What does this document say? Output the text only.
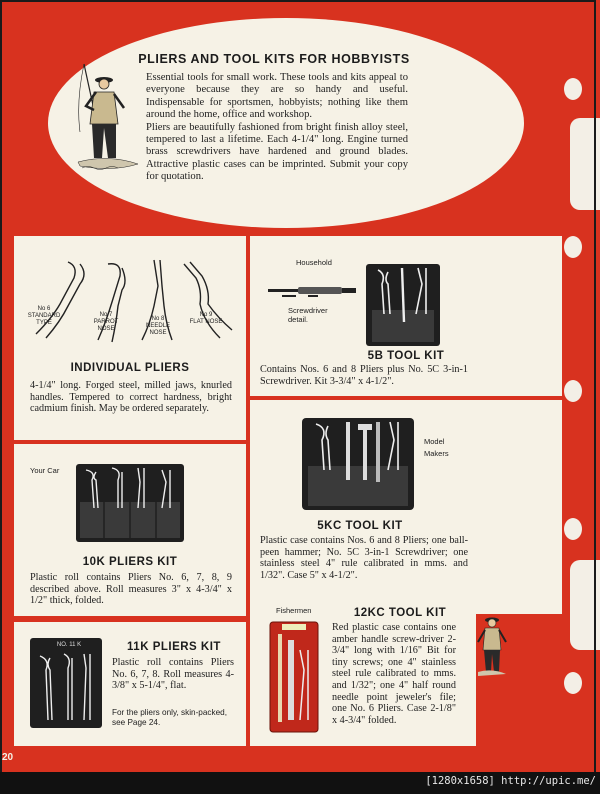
PLIERS AND TOOL KITS FOR HOBBYISTS

Essential tools for small work. These tools and kits appeal to everyone because they are so handy and useful. Indispensable for sportsmen, hobbyists; nothing like them around the home, office and workshop.

Pliers are beautifully fashioned from bright finish alloy steel, tempered to last a lifetime. Each 4-1/4" long. Engine turned brass screwdrivers have hardened and ground blades. Attractive plastic cases can be imprinted. Submit your copy for quotation.

No 6
STANDARD TYPE
No 7
PARROT NOSE
No 8
NEEDLE NOSE
No 9
FLAT NOSE
INDIVIDUAL PLIERS
4-1/4" long. Forged steel, milled jaws, knurled handles. Tempered to correct hardness, bright cadmium finish. May be ordered separately.
Household
Screwdriver detail.
5B TOOL KIT
Contains Nos. 6 and 8 Pliers plus No. 5C 3-in-1 Screwdriver. Kit 3-3/4" x 4-1/2".
Model Makers
5KC TOOL KIT
Plastic case contains Nos. 6 and 8 Pliers; one ball-peen hammer; No. 5C 3-in-1 Screwdriver; one stainless steel 4" rule calibrated in mms. and 1/32". Case 5" x 4-1/2".
Your Car
10K PLIERS KIT
Plastic roll contains Pliers No. 6, 7, 8, 9 described above. Roll measures 3" x 4-3/4" x 1/2" thick, folded.
NO. 11 K	11K PLIERS KIT
Plastic roll contains Pliers No. 6, 7, 8. Roll measures 4-3/8" x 5-1/4", flat.
For the pliers only, skin-packed, see Page 24.
Fishermen	12KC TOOL KIT
Red plastic case contains one amber handle screw-driver 2-3/4" long with 1/16" Bit for tiny screws; one 4" stainless steel rule calibrated to mms. and 1/32"; one 4" half round needle point jeweler's file; one No. 6 Pliers. Case 2-1/8" x 4-3/4" folded.
20
[1280x1658] http://upic.me/
